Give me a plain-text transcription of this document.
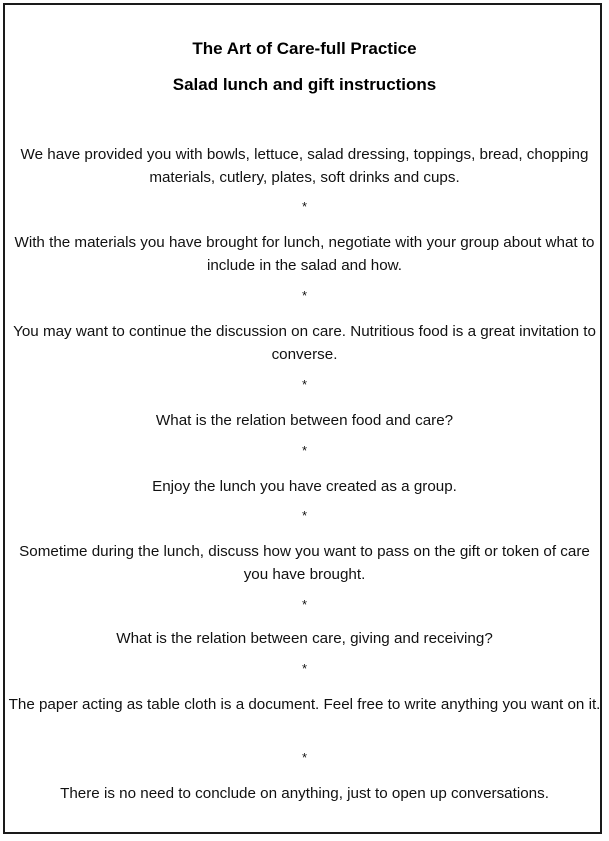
The Art of Care-full Practice
Salad lunch and gift instructions
We have provided you with bowls, lettuce, salad dressing, toppings, bread, chopping materials, cutlery, plates, soft drinks and cups.
*
With the materials you have brought for lunch, negotiate with your group about what to include in the salad and how.
*
You may want to continue the discussion on care. Nutritious food is a great invitation to converse.
*
What is the relation between food and care?
*
Enjoy the lunch you have created as a group.
*
Sometime during the lunch, discuss how you want to pass on the gift or token of care you have brought.
*
What is the relation between care, giving and receiving?
*
The paper acting as table cloth is a document. Feel free to write anything you want on it.
*
There is no need to conclude on anything, just to open up conversations.
